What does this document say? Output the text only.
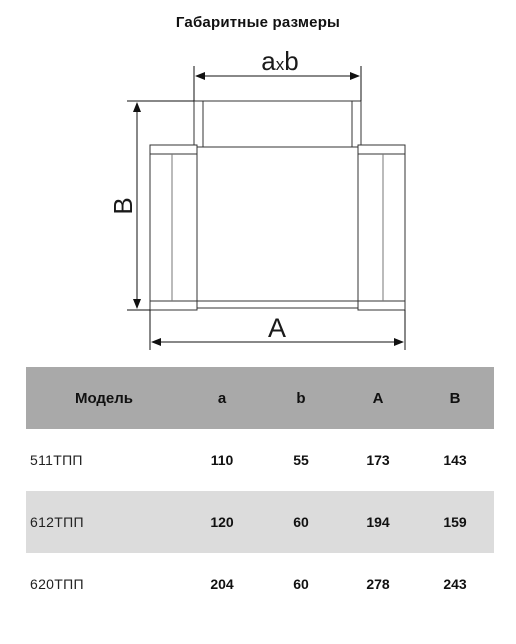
Габаритные размеры
axb
B
A
Модель	a	b	A	B
511ТПП	110	55	173	143
612ТПП	120	60	194	159
620ТПП	204	60	278	243
